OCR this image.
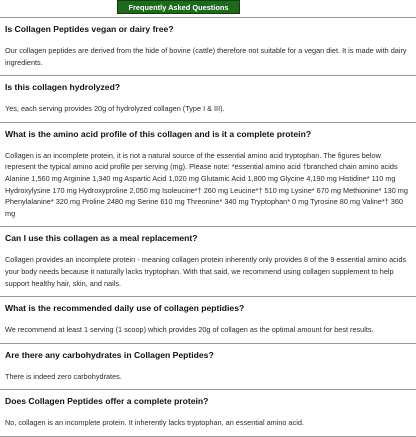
Frequently Asked Questions

Is Collagen Peptides vegan or dairy free?

Our collagen peptides are derived from the hide of bovine (cattle) therefore not suitable for a vegan diet. It is made with dairy ingredients.

Is this collagen hydrolyzed?

Yes, each serving provides 20g of hydrolyzed collagen (Type I & III).

What is the amino acid profile of this collagen and is it a complete protein?

Collagen is an incomplete protein, it is not a natural source of the essential amino acid tryptophan. The figures below represent the typical amino acid profile per serving (mg). Please note: *essential amino acid †branched chain amino acids Alanine 1,560 mg Arginine 1,340 mg Aspartic Acid 1,020 mg Glutamic Acid 1,800 mg Glycine 4,190 mg Histidine* 110 mg Hydroxylysine 170 mg Hydroxyproline 2,050 mg Isoleucine*† 260 mg Leucine*† 510 mg Lysine* 670 mg Methionine* 130 mg Phenylalanine* 320 mg Proline 2480 mg Serine 610 mg Threonine* 340 mg Tryptophan* 0 mg Tyrosine 80 mg Valine*† 360 mg

Can I use this collagen as a meal replacement?

Collagen provides an incomplete protein - meaning collagen protein inherently only provides 8 of the 9 essential amino acids your body needs because it naturally lacks tryptophan. With that said, we recommend using collagen supplement to help support healthy hair, skin, and nails.

What is the recommended daily use of collagen peptidies?

We recommend at least 1 serving (1 scoop) which provides 20g of collagen as the optimal amount for best results.

Are there any carbohydrates in Collagen Peptides?

There is indeed zero carbohydrates.

Does Collagen Peptides offer a complete protein?

No, collagen is an incomplete protein. It inherently lacks tryptophan, an essential amino acid.
